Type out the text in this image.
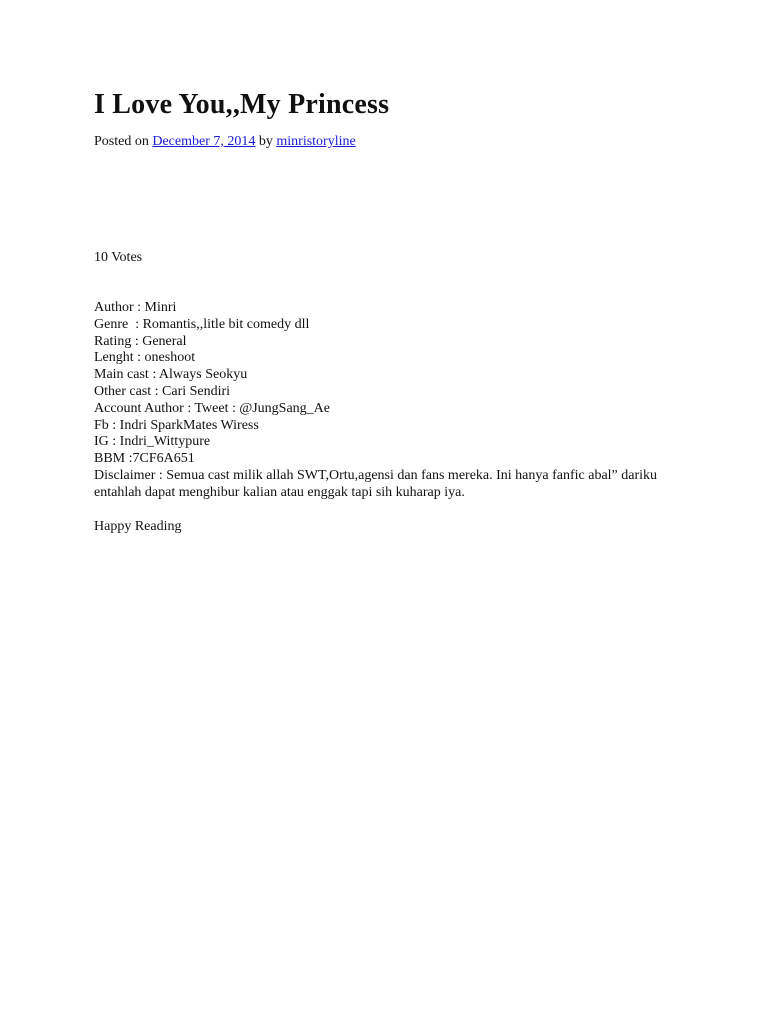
I Love You,,My Princess
Posted on December 7, 2014 by minristoryline
10 Votes
Author : Minri
Genre  : Romantis,,litle bit comedy dll
Rating : General
Lenght : oneshoot
Main cast : Always Seokyu
Other cast : Cari Sendiri
Account Author : Tweet : @JungSang_Ae
Fb : Indri SparkMates Wiress
IG : Indri_Wittypure
BBM :7CF6A651
Disclaimer : Semua cast milik allah SWT,Ortu,agensi dan fans mereka. Ini hanya fanfic abal” dariku entahlah dapat menghibur kalian atau enggak tapi sih kuharap iya.
Happy Reading
